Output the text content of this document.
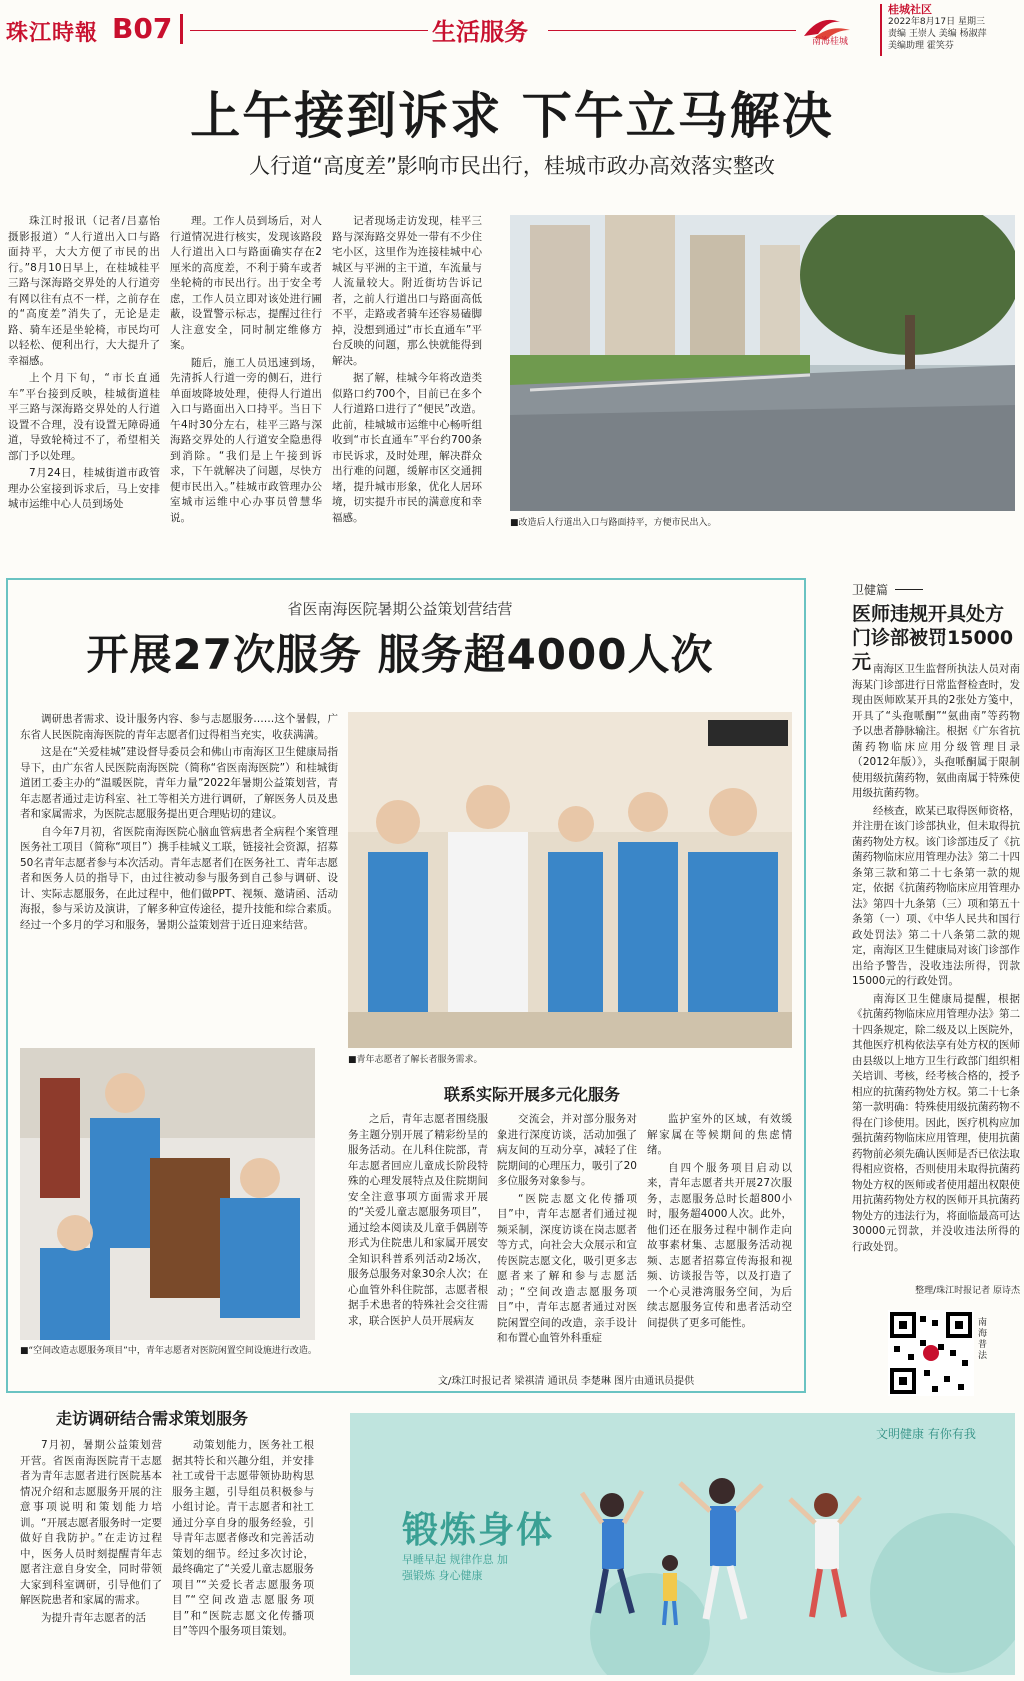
珠江時報 B07	生活服务	南海桂城
桂城社区
2022年8月17日 星期三
责编 王崇人 美编 杨淑萍
美编助理 霍笑芬
上午接到诉求 下午立马解决
人行道“高度差”影响市民出行，桂城市政办高效落实整改

珠江时报讯（记者/吕嘉怡 摄影报道）“人行道出入口与路面持平，大大方便了市民的出行。”8月10日早上，在桂城桂平三路与深海路交界处的人行道旁有网以往有点不一样，之前存在的“高度差”消失了，无论是走路、骑车还是坐轮椅，市民均可以轻松、便利出行，大大提升了幸福感。

上个月下旬，“市长直通车”平台接到反映，桂城街道桂平三路与深海路交界处的人行道设置不合理，没有设置无障碍通道，导致轮椅过不了，希望相关部门予以处理。

7月24日，桂城街道市政管理办公室接到诉求后，马上安排城市运维中心人员到场处

理。工作人员到场后，对人行道情况进行核实，发现该路段人行道出入口与路面确实存在2厘米的高度差，不利于骑车或者坐轮椅的市民出行。出于安全考虑，工作人员立即对该处进行圃蔽，设置警示标志，提醒过往行人注意安全，同时制定维修方案。

随后，施工人员迅速到场，先清拆人行道一旁的侧石，进行单面坡降坡处理，使得人行道出入口与路面出入口持平。当日下午4时30分左右，桂平三路与深海路交界处的人行道安全隐患得到消除。“我们是上午接到诉求，下午就解决了问题，尽快方便市民出入。”桂城市政管理办公室城市运维中心办事员曾慧华说。

记者现场走访发现，桂平三路与深海路交界处一带有不少住宅小区，这里作为连接桂城中心城区与平洲的主干道，车流量与人流量较大。附近街坊告诉记者，之前人行道出口与路面高低不平，走路或者骑车还容易磕脚掉，没想到通过“市长直通车”平台反映的问题，那么快就能得到解决。

据了解，桂城今年将改造类似路口约700个，目前已在多个人行道路口进行了“便民”改造。此前，桂城城市运维中心畅听组收到“市长直通车”平台约700条市民诉求，及时处理，解决群众出行难的问题，缓解市区交通拥堵，提升城市形象，优化人居环境，切实提升市民的满意度和幸福感。	■改造后人行道出入口与路面持平，方便市民出入。
省医南海医院暑期公益策划营结营
开展27次服务 服务超4000人次

调研患者需求、设计服务内容、参与志愿服务……这个暑假，广东省人民医院南海医院的青年志愿者们过得相当充实，收获满满。

这是在“关爱桂城”建设督导委员会和佛山市南海区卫生健康局指导下，由广东省人民医院南海医院（简称“省医南海医院”）和桂城街道团工委主办的“温暖医院，青年力量”2022年暑期公益策划营，青年志愿者通过走访科室、社工等相关方进行调研，了解医务人员及患者和家属需求，为医院志愿服务提出更合理贴切的建议。

自今年7月初，省医院南海医院心脑血管病患者全病程个案管理医务社工项目（简称“项目”）携手桂城义工联，链接社会资源，招募50名青年志愿者参与本次活动。青年志愿者们在医务社工、青年志愿者和医务人员的指导下，由过往被动参与服务到自己参与调研、设计、实际志愿服务，在此过程中，他们做PPT、视频、邀请函、活动海报，参与采访及演讲，了解多种宣传途径，提升技能和综合素质。经过一个多月的学习和服务，暑期公益策划营于近日迎来结营。

■青年志愿者了解长者服务需求。
■“空间改造志愿服务项目”中，青年志愿者对医院闲置空间设施进行改造。
联系实际开展多元化服务

之后，青年志愿者围绕服务主题分别开展了精彩纷呈的服务活动。在儿科住院部，青年志愿者回应儿童成长阶段特殊的心理发展特点及住院期间安全注意事项方面需求开展的“关爱儿童志愿服务项目”，通过绘本阅读及儿童手偶剧等形式为住院患儿和家属开展安全知识科普系列活动2场次，服务总服务对象30余人次；在心血管外科住院部，志愿者根据手术患者的特殊社会交往需求，联合医护人员开展病友

交流会，并对部分服务对象进行深度访谈，活动加强了病友间的互动分享，减轻了住院期间的心理压力，吸引了20多位服务对象参与。

“医院志愿文化传播项目”中，青年志愿者们通过视频采制，深度访谈在岗志愿者等方式，向社会大众展示和宣传医院志愿文化，吸引更多志愿者来了解和参与志愿活动；“空间改造志愿服务项目”中，青年志愿者通过对医院闲置空间的改造，亲手设计和布置心血管外科重症

监护室外的区域，有效缓解家属在等候期间的焦虑情绪。

自四个服务项目启动以来，青年志愿者共开展27次服务，志愿服务总时长超800小时，服务超4000人次。此外，他们还在服务过程中制作走向故事素材集、志愿服务活动视频、志愿者招募宣传海报和视频、访谈报告等，以及打造了一个心灵港湾服务空间，为后续志愿服务宣传和患者活动空间提供了更多可能性。

文/珠江时报记者 梁祺清 通讯员 李楚琳 图片由通讯员提供
走访调研结合需求策划服务

7月初，暑期公益策划营开营。省医南海医院青干志愿者为青年志愿者进行医院基本情况介绍和志愿服务开展的注意事项说明和策划能力培训。“开展志愿者服务时一定要做好自我防护。”在走访过程中，医务人员时刻提醒青年志愿者注意自身安全，同时带领大家到科室调研，引导他们了解医院患者和家属的需求。

为提升青年志愿者的活

动策划能力，医务社工根据其特长和兴趣分组，并安排社工或骨干志愿带领协助构思服务主题，引导组员积极参与小组讨论。青干志愿者和社工通过分享自身的服务经验，引导青年志愿者修改和完善活动策划的细节。经过多次讨论，最终确定了“关爱儿童志愿服务项目”“关爱长者志愿服务项目”“空间改造志愿服务项目”和“医院志愿文化传播项目”等四个服务项目策划。

卫健篇
医师违规开具处方 门诊部被罚15000元 南海区卫生监督所执法人员对南海某门诊部进行日常监督检查时，发现由医师欧某开具的2张处方笺中，开具了“头孢哌酮”“氨曲南”等药物予以患者静脉输注。根据《广东省抗菌药物临床应用分级管理目录（2012年版）》，头孢哌酮属于限制使用级抗菌药物，氨曲南属于特殊使用级抗菌药物。

经核查，欧某已取得医师资格，并注册在该门诊部执业，但未取得抗菌药物处方权。该门诊部违反了《抗菌药物临床应用管理办法》第二十四条第三款和第二十七条第一款的规定，依据《抗菌药物临床应用管理办法》第四十九条第（三）项和第五十条第（一）项、《中华人民共和国行政处罚法》第二十八条第二款的规定，南海区卫生健康局对该门诊部作出给予警告，没收违法所得，罚款15000元的行政处罚。

南海区卫生健康局提醒，根据《抗菌药物临床应用管理办法》第二十四条规定，除二级及以上医院外，其他医疗机构依法享有处方权的医师由县级以上地方卫生行政部门组织相关培训、考核，经考核合格的，授予相应的抗菌药物处方权。第二十七条第一款明确：特殊使用级抗菌药物不得在门诊使用。因此，医疗机构应加强抗菌药物临床应用管理，使用抗菌药物前必须先确认医师是否已依法取得相应资格，否则使用未取得抗菌药物处方权的医师或者使用超出权限使用抗菌药物处方权的医师开具抗菌药物处方的违法行为，将面临最高可达30000元罚款，并没收违法所得的行政处罚。

整理/珠江时报记者 原诗杰
南海普法
文明健康 有你有我
锻炼身体
早睡早起 规律作息 加强锻炼 身心健康
